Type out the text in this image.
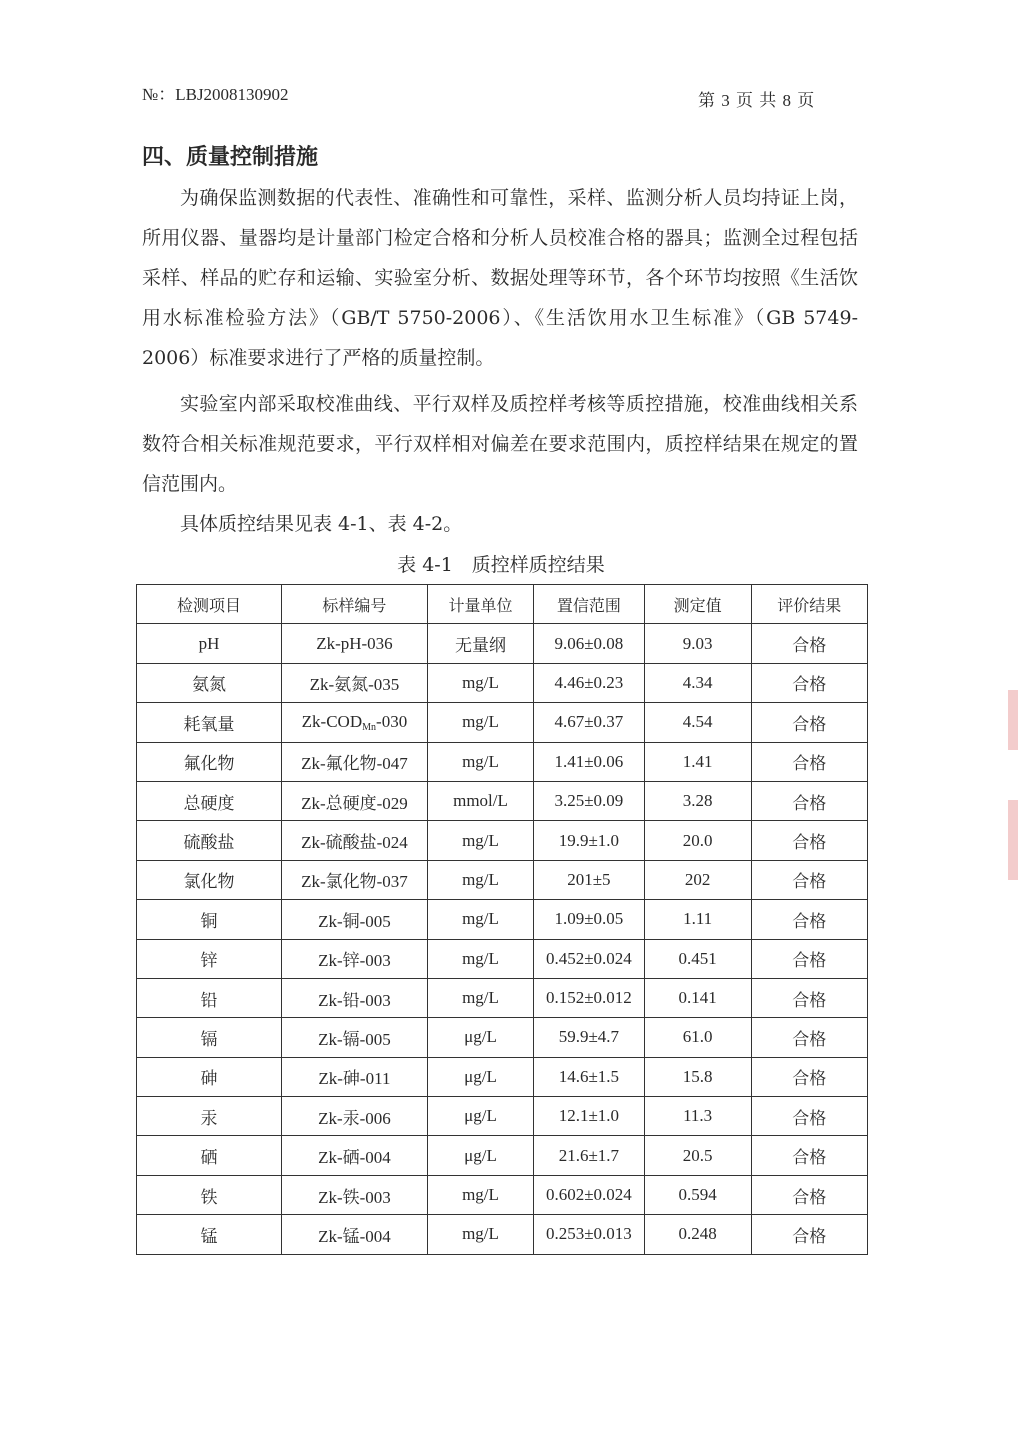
№：LBJ2008130902	第 3 页 共 8 页
四、质量控制措施

为确保监测数据的代表性、准确性和可靠性，采样、监测分析人员均持证上岗，所用仪器、量器均是计量部门检定合格和分析人员校准合格的器具；监测全过程包括采样、样品的贮存和运输、实验室分析、数据处理等环节，各个环节均按照《生活饮用水标准检验方法》（GB/T 5750-2006）、《生活饮用水卫生标准》（GB 5749-2006）标准要求进行了严格的质量控制。

实验室内部采取校准曲线、平行双样及质控样考核等质控措施，校准曲线相关系数符合相关标准规范要求，平行双样相对偏差在要求范围内，质控样结果在规定的置信范围内。

具体质控结果见表 4-1、表 4-2。

表 4-1　质控样质控结果
检测项目	标样编号	计量单位	置信范围	测定值	评价结果
pH	Zk-pH-036	无量纲	9.06±0.08	9.03	合格
氨氮	Zk-氨氮-035	mg/L	4.46±0.23	4.34	合格
耗氧量	$Zk-COD_{Mn}-030$	mg/L	4.67±0.37	4.54	合格
氟化物	Zk-氟化物-047	mg/L	1.41±0.06	1.41	合格
总硬度	Zk-总硬度-029	mmol/L	3.25±0.09	3.28	合格
硫酸盐	Zk-硫酸盐-024	mg/L	19.9±1.0	20.0	合格
氯化物	Zk-氯化物-037	mg/L	201±5	202	合格
铜	Zk-铜-005	mg/L	1.09±0.05	1.11	合格
锌	Zk-锌-003	mg/L	0.452±0.024	0.451	合格
铅	Zk-铅-003	mg/L	0.152±0.012	0.141	合格
镉	Zk-镉-005	μg/L	59.9±4.7	61.0	合格
砷	Zk-砷-011	μg/L	14.6±1.5	15.8	合格
汞	Zk-汞-006	μg/L	12.1±1.0	11.3	合格
硒	Zk-硒-004	μg/L	21.6±1.7	20.5	合格
铁	Zk-铁-003	mg/L	0.602±0.024	0.594	合格
锰	Zk-锰-004	mg/L	0.253±0.013	0.248	合格
